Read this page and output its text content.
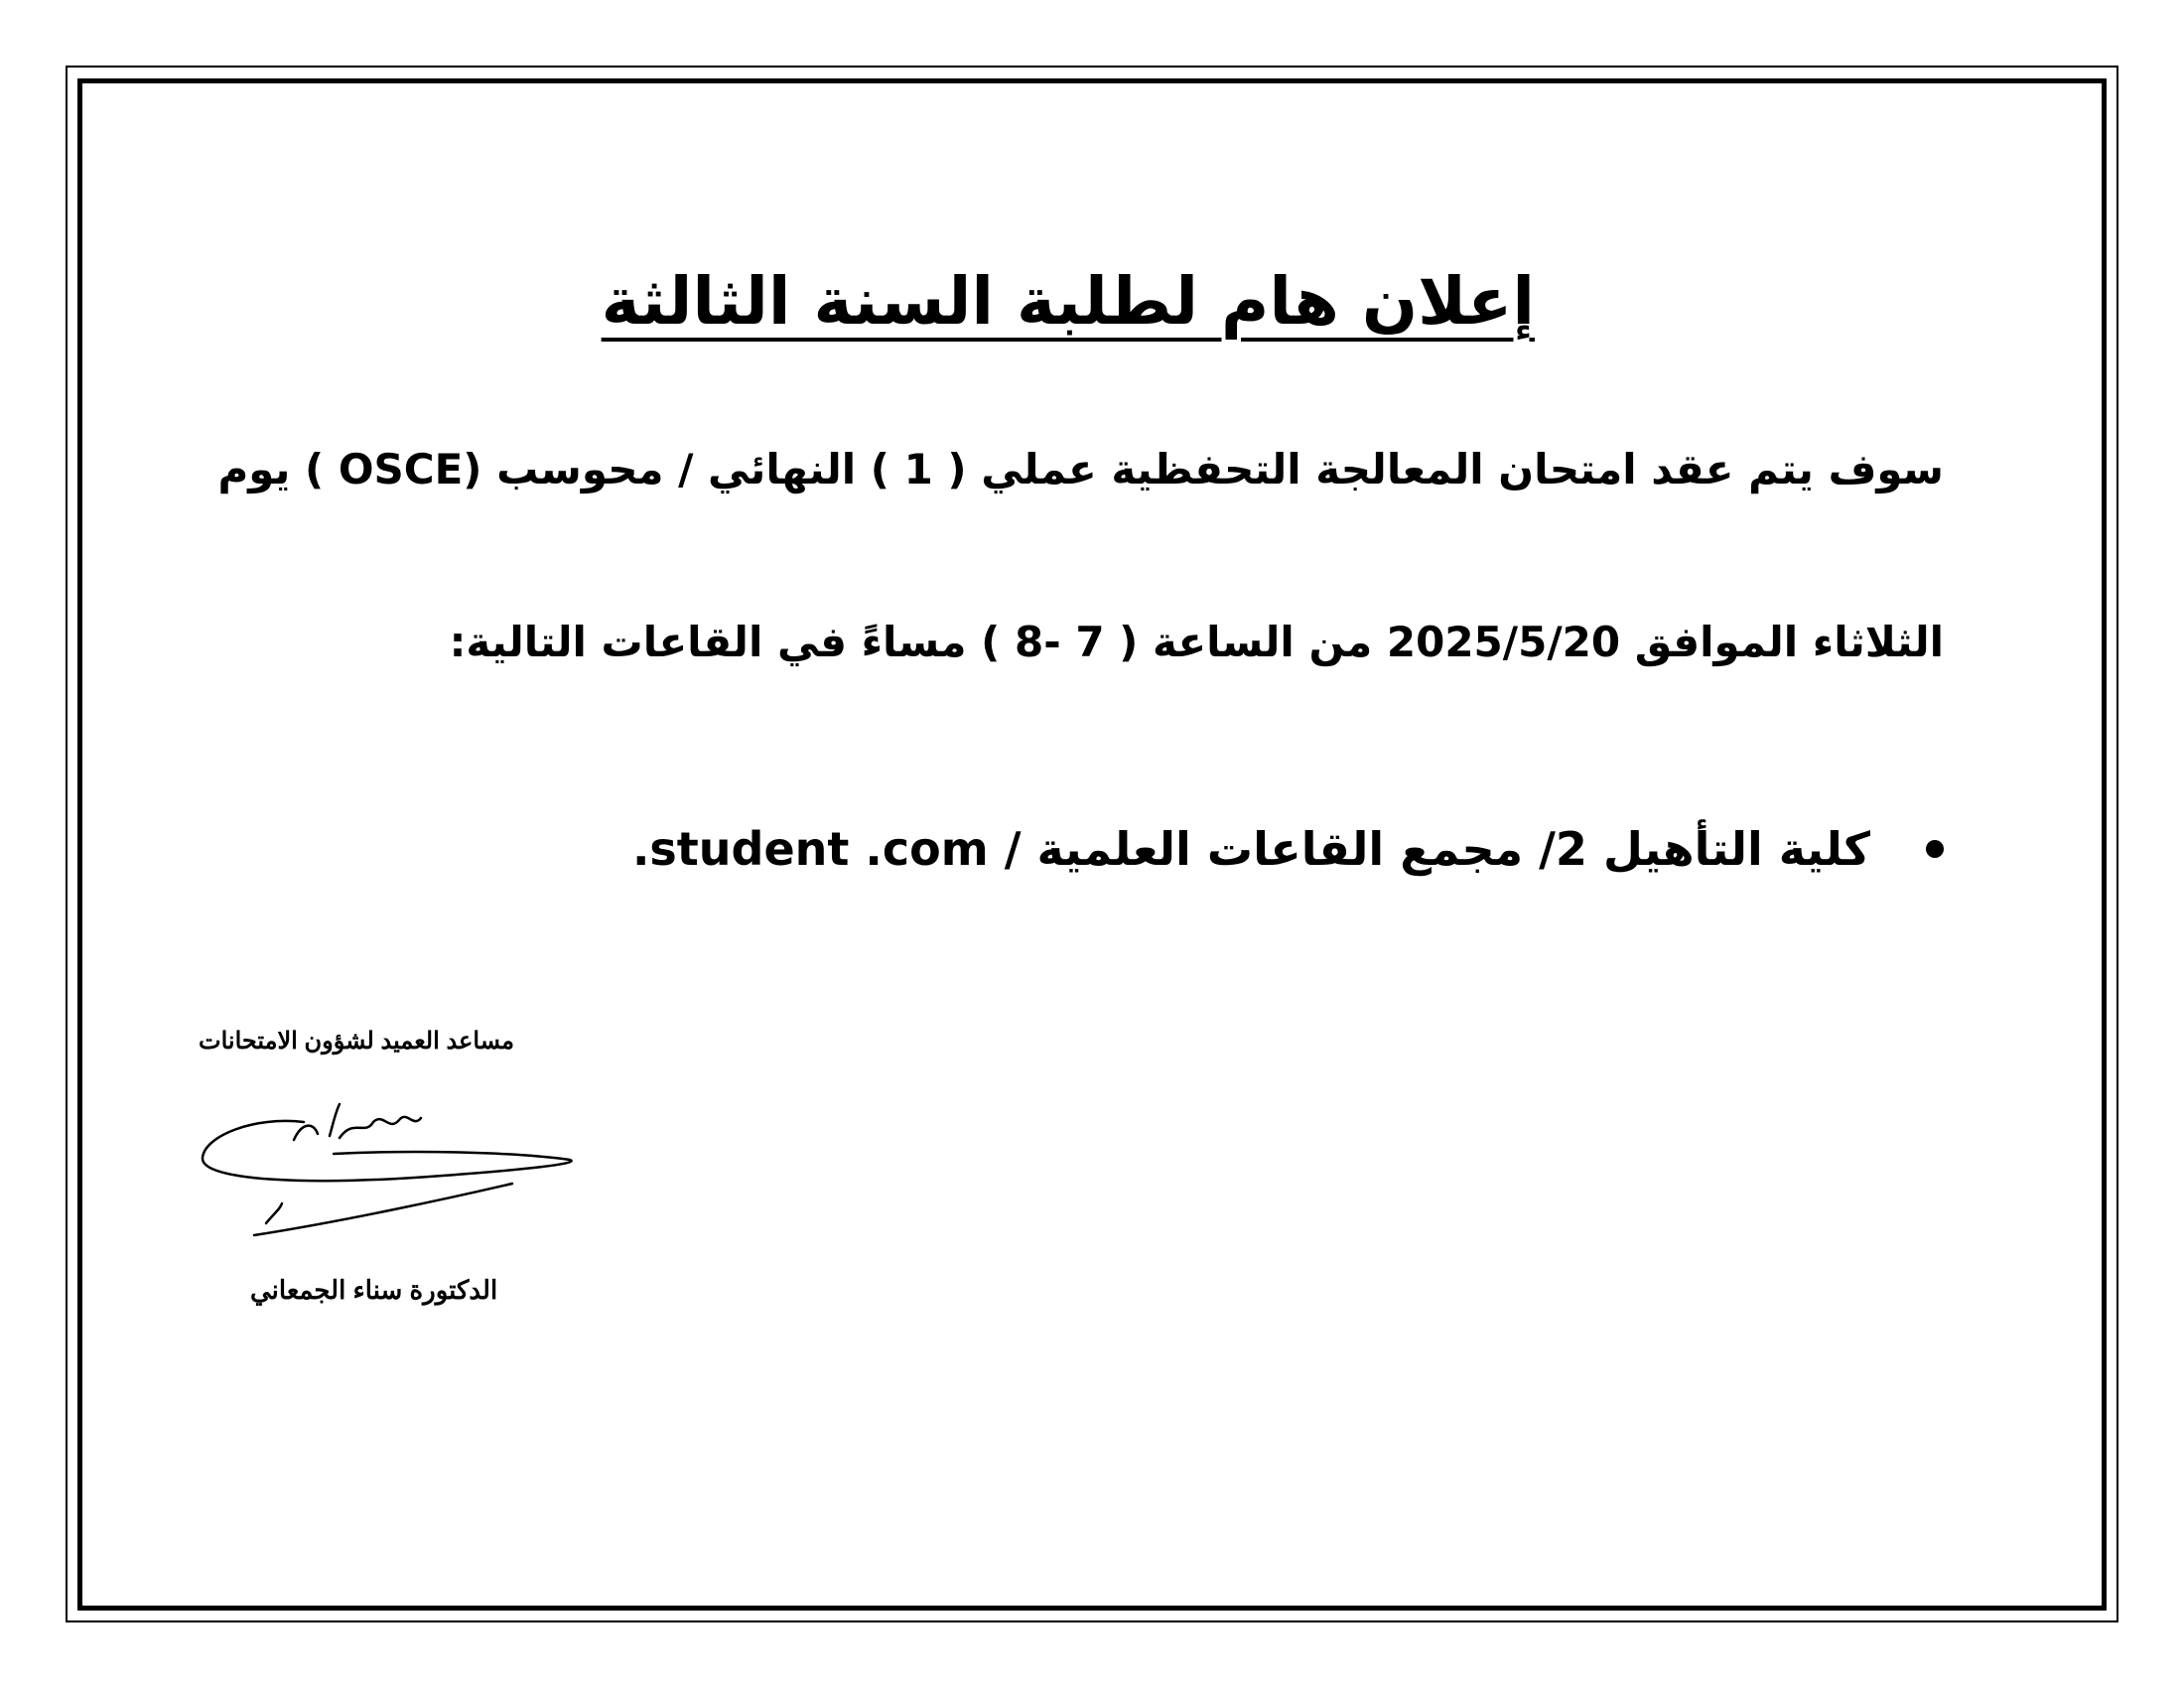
إعلان هام لطلبة السنة الثالثة
سوف يتم عقد امتحان المعالجة التحفظية عملي ( 1 ) النهائي / محوسب (OSCE ) يوم
الثلاثاء الموافق 2025/5/20 من الساعة ( 7 -8 ) مساءً في القاعات التالية:
كلية التأهيل 2/ مجمع القاعات العلمية / student .com.
مساعد العميد لشؤون الامتحانات
الدكتورة سناء الجمعاني
